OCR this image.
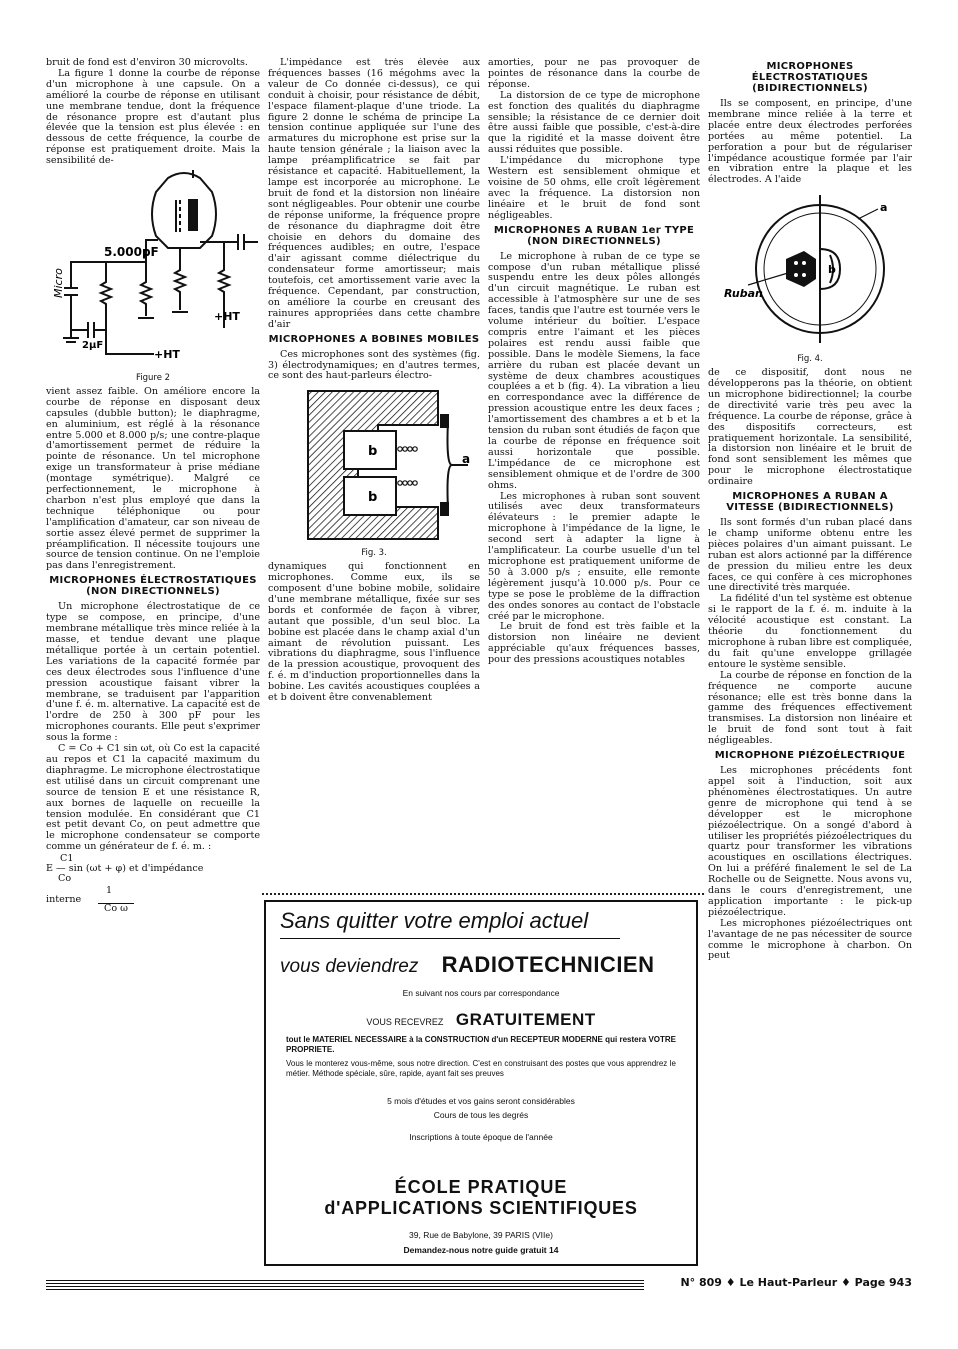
bruit de fond est d'environ 30 microvolts.

La figure 1 donne la courbe de réponse d'un microphone à une capsule. On a amélioré la courbe de réponse en utilisant une membrane tendue, dont la fréquence de résonance propre est d'autant plus élevée que la tension est plus élevée : en dessous de cette fréquence, la courbe de réponse est pratiquement droite. Mais la sensibilité de-

Micro
5.000pF
2μF
+HT
+HT
Figure 2

vient assez faible. On améliore encore la courbe de réponse en disposant deux capsules (dubble button); le diaphragme, en aluminium, est réglé à la résonance entre 5.000 et 8.000 p/s; une contre-plaque d'amortissement permet de réduire la pointe de résonance. Un tel microphone exige un transformateur à prise médiane (montage symétrique). Malgré ce perfectionnement, le microphone à charbon n'est plus employé que dans la technique téléphonique ou pour l'amplification d'amateur, car son niveau de sortie assez élevé permet de supprimer la préamplification. Il nécessite toujours une source de tension continue. On ne l'emploie pas dans l'enregistrement.

MICROPHONES ÉLECTROSTATIQUES (NON DIRECTIONNELS)

Un microphone électrostatique de ce type se compose, en principe, d'une membrane métallique très mince reliée à la masse, et tendue devant une plaque métallique portée à un certain potentiel. Les variations de la capacité formée par ces deux électrodes sous l'influence d'une pression acoustique faisant vibrer la membrane, se traduisent par l'apparition d'une f. é. m. alternative. La capacité est de l'ordre de 250 à 300 pF pour les microphones courants. Elle peut s'exprimer sous la forme :

C = Co + C1 sin ωt, où Co est la capacité au repos et C1 la capacité maximum du diaphragme. Le microphone électrostatique est utilisé dans un circuit comprenant une source de tension E et une résistance R, aux bornes de laquelle on recueille la tension modulée. En considérant que C1 est petit devant Co, on peut admettre que le microphone condensateur se comporte comme un générateur de f. é. m. :

C1
E — sin (ωt + φ) et d'impédance
Co
interne
1
Co ω

L'impédance est très élevée aux fréquences basses (16 mégohms avec la valeur de Co donnée ci-dessus), ce qui conduit à choisir, pour résistance de débit, l'espace filament-plaque d'une triode. La figure 2 donne le schéma de principe La tension continue appliquée sur l'une des armatures du microphone est prise sur la haute tension générale ; la liaison avec la lampe préamplificatrice se fait par résistance et capacité. Habituellement, la lampe est incorporée au microphone. Le bruit de fond et la distorsion non linéaire sont négligeables. Pour obtenir une courbe de réponse uniforme, la fréquence propre de résonance du diaphragme doit être choisie en dehors du domaine des fréquences audibles; en outre, l'espace d'air agissant comme diélectrique du condensateur forme amortisseur; mais toutefois, cet amortissement varie avec la fréquence. Cependant, par construction, on améliore la courbe en creusant des rainures appropriées dans cette chambre d'air

MICROPHONES A BOBINES MOBILES

Ces microphones sont des systèmes (fig. 3) électrodynamiques; en d'autres termes, ce sont des haut-parleurs électro-

b
b
a
Fig. 3.

dynamiques qui fonctionnent en microphones. Comme eux, ils se composent d'une bobine mobile, solidaire d'une membrane métallique, fixée sur ses bords et conformée de façon à vibrer, autant que possible, d'un seul bloc. La bobine est placée dans le champ axial d'un aimant de révolution puissant. Les vibrations du diaphragme, sous l'influence de la pression acoustique, provoquent des f. é. m d'induction proportionnelles dans la bobine. Les cavités acoustiques couplées a et b doivent être convenablement

amorties, pour ne pas provoquer de pointes de résonance dans la courbe de réponse.

La distorsion de ce type de microphone est fonction des qualités du diaphragme sensible; la résistance de ce dernier doit être aussi faible que possible, c'est-à-dire que la rigidité et la masse doivent être aussi réduites que possible.

L'impédance du microphone type Western est sensiblement ohmique et voisine de 50 ohms, elle croît légèrement avec la fréquence. La distorsion non linéaire et le bruit de fond sont négligeables.

MICROPHONES A RUBAN 1er TYPE (NON DIRECTIONNELS)

Le microphone à ruban de ce type se compose d'un ruban métallique plissé suspendu entre les deux pôles allongés d'un circuit magnétique. Le ruban est accessible à l'atmosphère sur une de ses faces, tandis que l'autre est tournée vers le volume intérieur du boîtier. L'espace compris entre l'aimant et les pièces polaires est rendu aussi faible que possible. Dans le modèle Siemens, la face arrière du ruban est placée devant un système de deux chambres acoustiques couplées a et b (fig. 4). La vibration a lieu en correspondance avec la différence de pression acoustique entre les deux faces ; l'amortissement des chambres a et b et la tension du ruban sont étudiés de façon que la courbe de réponse en fréquence soit aussi horizontale que possible. L'impédance de ce microphone est sensiblement ohmique et de l'ordre de 300 ohms.

Les microphones à ruban sont souvent utilisés avec deux transformateurs élévateurs : le premier adapte le microphone à l'impédance de la ligne, le second sert à adapter la ligne à l'amplificateur. La courbe usuelle d'un tel microphone est pratiquement uniforme de 50 à 3.000 p/s ; ensuite, elle remonte légèrement jusqu'à 10.000 p/s. Pour ce type se pose le problème de la diffraction des ondes sonores au contact de l'obstacle créé par le microphone.

Le bruit de fond est très faible et la distorsion non linéaire ne devient appréciable qu'aux fréquences basses, pour des pressions acoustiques notables

MICROPHONES ÉLECTROSTATIQUES (BIDIRECTIONNELS)

Ils se composent, en principe, d'une membrane mince reliée à la terre et placée entre deux électrodes perforées portées au même potentiel. La perforation a pour but de régulariser l'impédance acoustique formée par l'air en vibration entre la plaque et les électrodes. A l'aide

Ruban
b
a
Fig. 4.

de ce dispositif, dont nous ne développerons pas la théorie, on obtient un microphone bidirectionnel; la courbe de directivité varie très peu avec la fréquence. La courbe de réponse, grâce à des dispositifs correcteurs, est pratiquement horizontale. La sensibilité, la distorsion non linéaire et le bruit de fond sont sensiblement les mêmes que pour le microphone électrostatique ordinaire

MICROPHONES A RUBAN A VITESSE (BIDIRECTIONNELS)

Ils sont formés d'un ruban placé dans le champ uniforme obtenu entre les pièces polaires d'un aimant puissant. Le ruban est alors actionné par la différence de pression du milieu entre les deux faces, ce qui confère à ces microphones une directivité très marquée.

La fidélité d'un tel système est obtenue si le rapport de la f. é. m. induite à la vélocité acoustique est constant. La théorie du fonctionnement du microphone à ruban libre est compliquée, du fait qu'une enveloppe grillagée entoure le système sensible.

La courbe de réponse en fonction de la fréquence ne comporte aucune résonance; elle est très bonne dans la gamme des fréquences effectivement transmises. La distorsion non linéaire et le bruit de fond sont tout à fait négligeables.

MICROPHONE PIÉZOÉLECTRIQUE

Les microphones précédents font appel soit à l'induction, soit aux phénomènes électrostatiques. Un autre genre de microphone qui tend à se développer est le microphone piézoélectrique. On a songé d'abord à utiliser les propriétés piézoélectriques du quartz pour transformer les vibrations acoustiques en oscillations électriques. On lui a préféré finalement le sel de La Rochelle ou de Seignette. Nous avons vu, dans le cours d'enregistrement, une application importante : le pick-up piézoélectrique.

Les microphones piézoélectriques ont l'avantage de ne pas nécessiter de source comme le microphone à charbon. On peut

Sans quitter votre emploi actuel
vous deviendrez RADIOTECHNICIEN
En suivant nos cours par correspondance
VOUS RECEVREZ GRATUITEMENT
tout le MATERIEL NECESSAIRE à la CONSTRUCTION d'un RECEPTEUR MODERNE qui restera VOTRE PROPRIETE.
Vous le monterez vous-même, sous notre direction. C'est en construisant des postes que vous apprendrez le métier. Méthode spéciale, sûre, rapide, ayant fait ses preuves
5 mois d'études et vos gains seront considérables
Cours de tous les degrés
Inscriptions à toute époque de l'année
ÉCOLE PRATIQUE
d'APPLICATIONS SCIENTIFIQUES
39, Rue de Babylone, 39 PARIS (VIIe)
Demandez-nous notre guide gratuit 14
N° 809 ♦ Le Haut-Parleur ♦ Page 943
